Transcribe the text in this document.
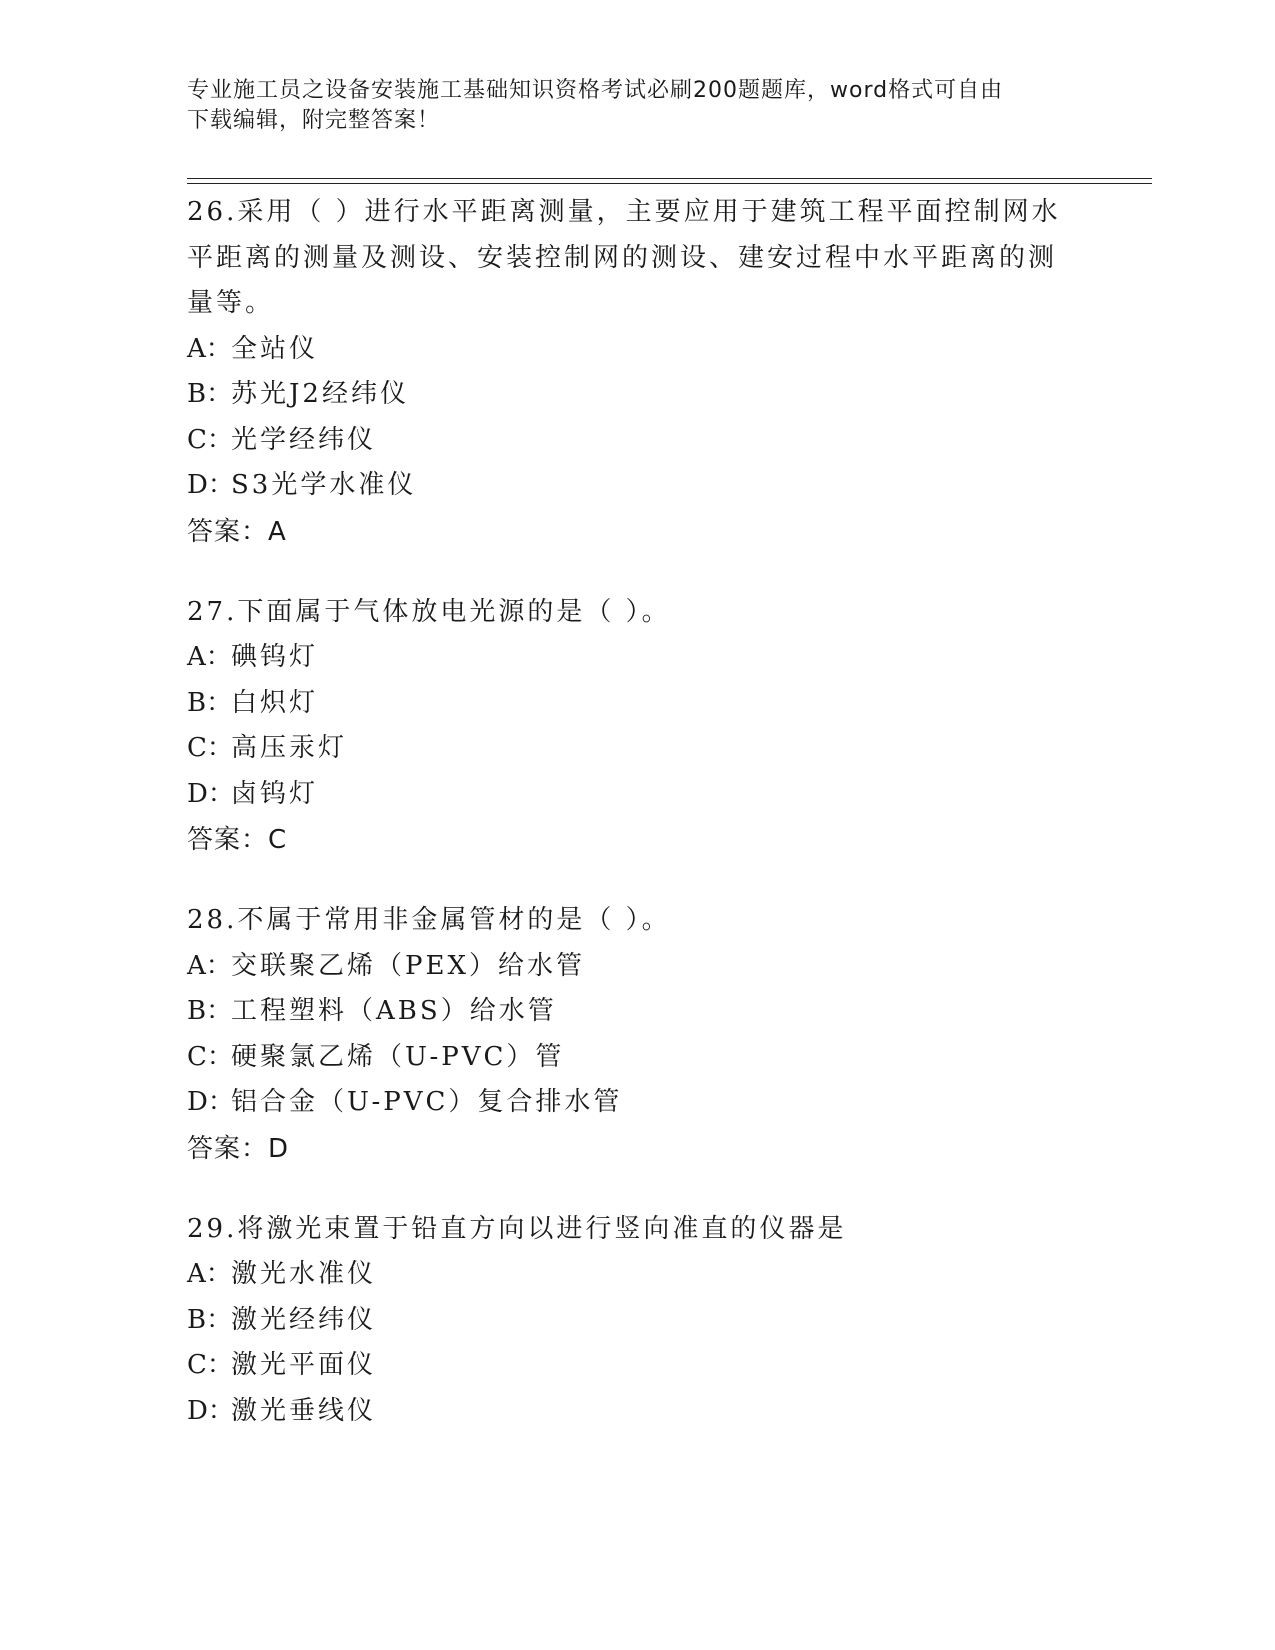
专业施工员之设备安装施工基础知识资格考试必刷200题题库，word格式可自由
下载编辑，附完整答案！

26.采用（ ）进行水平距离测量，主要应用于建筑工程平面控制网水平距离的测量及测设、安装控制网的测设、建安过程中水平距离的测量等。

A：全站仪

B：苏光J2经纬仪

C：光学经纬仪

D：S3光学水准仪

答案：A

27.下面属于气体放电光源的是（ ）。

A：碘钨灯

B：白炽灯

C：高压汞灯

D：卤钨灯

答案：C

28.不属于常用非金属管材的是（ ）。

A：交联聚乙烯（PEX）给水管

B：工程塑料（ABS）给水管

C：硬聚氯乙烯（U-PVC）管

D：铝合金（U-PVC）复合排水管

答案：D

29.将激光束置于铅直方向以进行竖向准直的仪器是

A：激光水准仪

B：激光经纬仪

C：激光平面仪

D：激光垂线仪
